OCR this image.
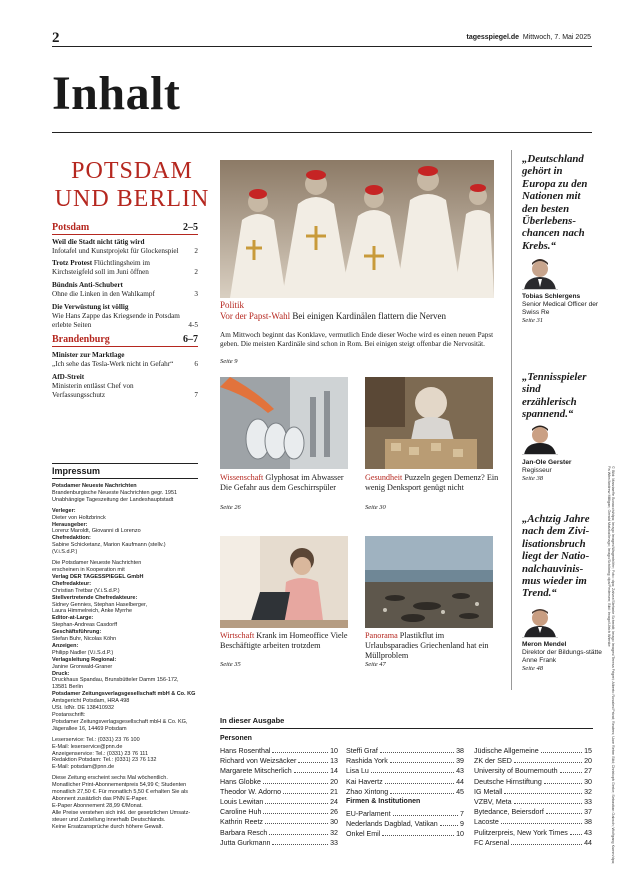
2	tagesspiegel.de Mittwoch, 7. Mai 2025
Inhalt
POTSDAM
UND BERLIN
Potsdam	2–5
Weil die Stadt nicht tätig wird
Infotafel und Kunstprojekt für Glockenspiel	2
Trotz Protest Flüchtlingsheim im Kirchsteigfeld soll im Juni öffnen	2
Bündnis Anti-Schubert
Ohne die Linken in den Wahlkampf	3
Die Verwüstung ist völlig
Wie Hans Zappe das Kriegsende in Potsdam erlebte Seiten	4-5
Brandenburg	6–7
Minister zur Marktlage
„Ich sehe das Tesla-Werk nicht in Gefahr“	6
AfD-Streit
Ministerin entlässt Chef von Verfassungsschutz	7
Impressum
Potsdamer Neueste Nachrichten
Brandenburgische Neueste Nachrichten gegr. 1951
Unabhängige Tageszeitung der Landeshauptstadt
Verleger:
Dieter von Holtzbrinck
Herausgeber:
Lorenz Maroldt, Giovanni di Lorenzo
Chefredaktion:
Sabine Schicketanz, Marion Kaufmann (stellv.)
(V.i.S.d.P.)
Die Potsdamer Neueste Nachrichten
erscheinen in Kooperation mit
Verlag DER TAGESSPIEGEL GmbH
Chefredakteur:
Christian Tretbar (V.i.S.d.P.)
Stellvertretende Chefredakteure:
Sidney Gennies, Stephan Haselberger,
Laura Himmelreich, Anke Myrrhe
Editor-at-Large:
Stephan-Andreas Casdorff
Geschäftsführung:
Stefan Buhr, Nicolas Köhn
Anzeigen:
Philipp Nadler (V.i.S.d.P.)
Verlagsleitung Regional:
Janine Gronwald-Graner
Druck:
Druckhaus Spandau, Brunsbütteler Damm 156-172,
13581 Berlin
Potsdamer Zeitungsverlagsgesellschaft mbH & Co. KG
Amtsgericht Potsdam, HRA 498
USt. IdNr. DE 138410932
Postanschrift:
Potsdamer Zeitungsverlagsgesellschaft mbH & Co. KG,
Jägerallee 16, 14469 Potsdam
Leserservice: Tel.: (0331) 23 76 100
E-Mail: leserservice@pnn.de
Anzeigenservice: Tel.: (0331) 23 76 111
Redaktion Potsdam: Tel.: (0331) 23 76 132
E-Mail: potsdam@pnn.de
Diese Zeitung erscheint sechs Mal wöchentlich.
Monatlicher Print-Abonnementpreis 54,99 €; Studenten
monatlich 27,50 €. Für monatlich 5,50 € erhalten Sie als
Abonnent zusätzlich das PNN E-Paper.
E-Paper Abonnement 28,99 €/Monat.
Alle Preise verstehen sich inkl. der gesetzlichen Umsatz-
steuer und Zustellung innerhalb Deutschlands.
Keine Ersatzansprüche durch höhere Gewalt.
Politik
Vor der Papst-Wahl Bei einigen Kardinälen flattern die Nerven
Am Mittwoch beginnt das Konklave, vermutlich Ende dieser Woche wird es einen neuen Papst geben. Die meisten Kardinäle sind schon in Rom. Bei einigen steigt offenbar die Nervosität.
Seite 9
Wissenschaft Glyphosat im Abwasser Die Gefahr aus dem Geschirrspüler
Seite 26
Gesundheit Puzzeln gegen Demenz? Ein wenig Denksport genügt nicht
Seite 30
Wirtschaft Krank im Homeoffice Viele Beschäftigte arbeiten trotzdem
Seite 35
Panorama Plastikflut im Urlaubsparadies Griechenland hat ein Müllproblem
Seite 47
„Deutschland gehört in Europa zu den Nationen mit den besten Überlebens-chancen nach Krebs.“
Tobias Schlergens
Senior Medical Officer der Swiss Re
Seite 31
„Tennisspieler sind erzählerisch spannend.“
Jan-Ole Gerster
Regisseur
Seite 38
„Achtzig Jahre nach dem Zivi-lisationsbruch liegt der Natio-nalchauvinis-mus wieder im Trend.“
Meron Mendel
Direktor der Bildungs-stätte Anne Frank
Seite 48	© Bild: Marziaeffe Bonacchi/dpa; Imago Images/Wagenhöfer; Foto: dpa; Zalvez/Stefanie Schmidt; Imago Images/Teresa Frigeri; Alberto Rosales/Privat; Reuters; Uwe Rehm Bild; Christoph Gerke; Sebastian Gabsch; Wolfgang Kumm/dpa; Pa Wire/Andrew Milligan; Gerald Matzka/Imago; Imago/Schöning; dpa/Pedersen; Bild: Imago/Ulrich Wienke
In dieser Ausgabe
Personen
Firmen & Institutionen
Hans Rosenthal	10
Richard von Weizsäcker	13
Margarete Mitscherlich	14
Hans Globke	20
Theodor W. Adorno	21
Louis Lewitan	24
Caroline Huh	26
Kathrin Reetz	30
Barbara Resch	32
Jutta Gurkmann	33
Steffi Graf	38
Rashida York	39
Lisa Lu	43
Kai Havertz	44
Zhao Xintong	45
EU-Parlament	7
Nederlands Dagblad, Vatikan	9
Onkel Emil	10
Jüdische Allgemeine	15
ZK der SED	20
University of Bournemouth	27
Deutsche Hirnstiftung	30
IG Metall	32
VZBV, Meta	33
Bytedance, Beiersdorf	37
Lacoste	38
Pulitzerpreis, New York Times 43
FC Arsenal	44
